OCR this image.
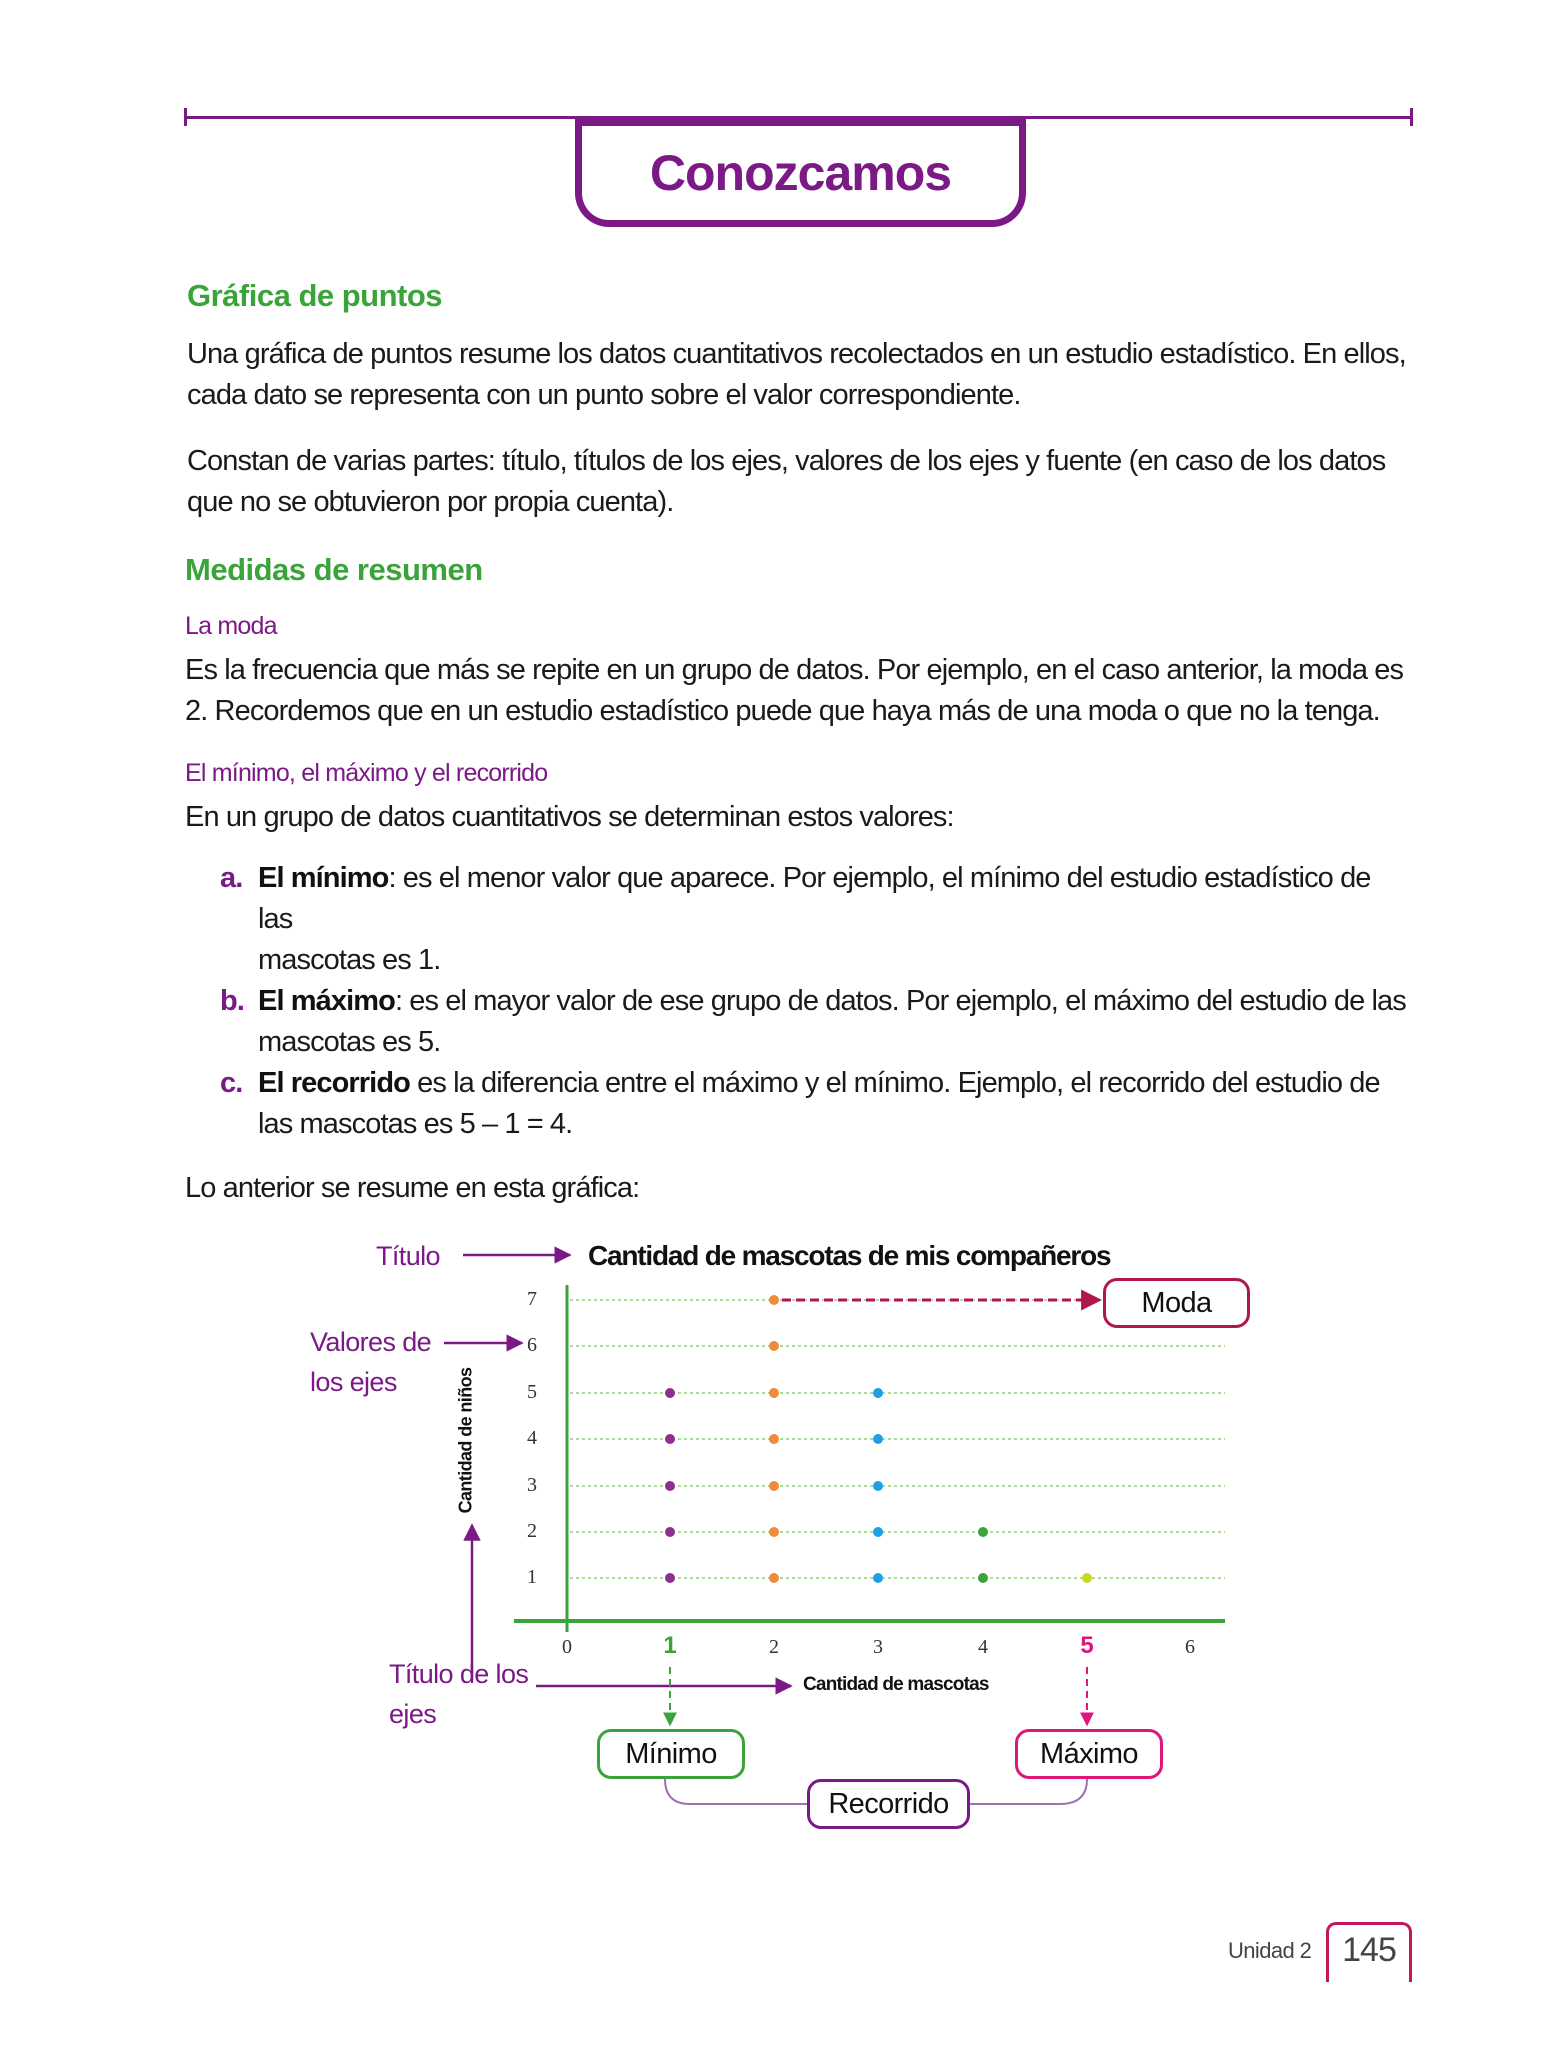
Conozcamos
Gráfica de puntos
Una gráfica de puntos resume los datos cuantitativos recolectados en un estudio estadístico. En ellos,
cada dato se representa con un punto sobre el valor correspondiente.
Constan de varias partes: título, títulos de los ejes, valores de los ejes y fuente (en caso de los datos
que no se obtuvieron por propia cuenta).
Medidas de resumen
La moda
Es la frecuencia que más se repite en un grupo de datos. Por ejemplo, en el caso anterior, la moda es
2. Recordemos que en un estudio estadístico puede que haya más de una moda o que no la tenga.
El mínimo, el máximo y el recorrido
En un grupo de datos cuantitativos se determinan estos valores:
a. El mínimo: es el menor valor que aparece. Por ejemplo, el mínimo del estudio estadístico de las
mascotas es 1.
b. El máximo: es el mayor valor de ese grupo de datos. Por ejemplo, el máximo del estudio de las
mascotas es 5.
c. El recorrido es la diferencia entre el máximo y el mínimo. Ejemplo, el recorrido del estudio de
las mascotas es 5 – 1 = 4.
Lo anterior se resume en esta gráfica:
Cantidad de mascotas de mis compañeros
7
6
5
4
3
2
1
0	1	2	3	4	5	6
Cantidad de niños
Cantidad de mascotas
Título
Valores de
los ejes
Título de los
ejes
Moda
Mínimo	Máximo
Recorrido
Unidad 2 145
